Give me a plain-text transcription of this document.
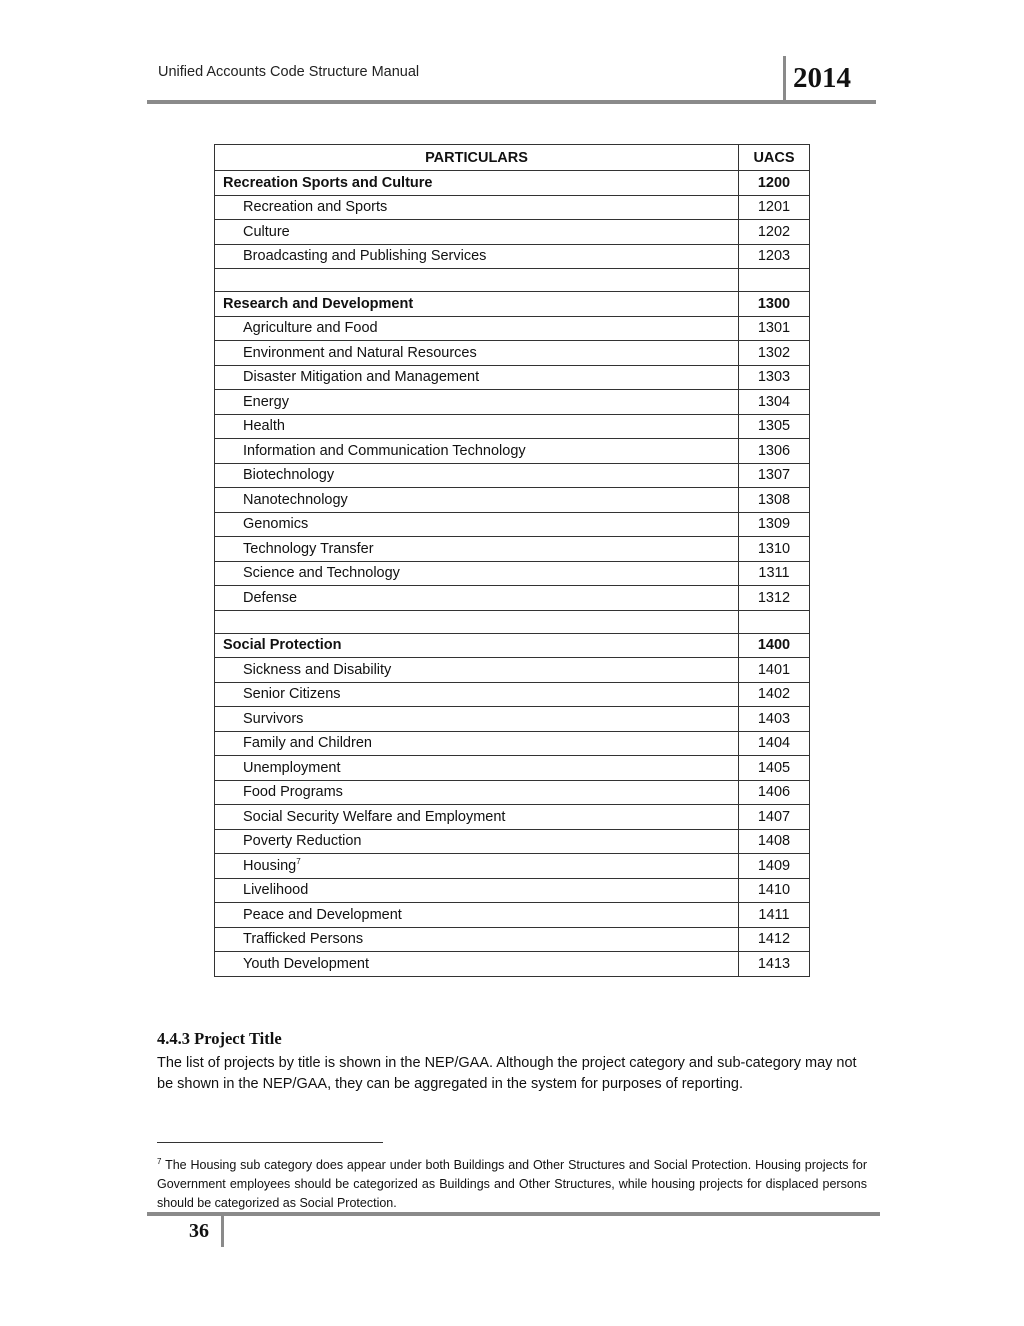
Unified Accounts Code Structure Manual	2014
PARTICULARS	UACS
Recreation Sports and Culture	1200
Recreation and Sports	1201
Culture	1202
Broadcasting and Publishing Services	1203

Research and Development	1300
Agriculture and Food	1301
Environment and Natural Resources	1302
Disaster Mitigation and Management	1303
Energy	1304
Health	1305
Information and Communication Technology	1306
Biotechnology	1307
Nanotechnology	1308
Genomics	1309
Technology Transfer	1310
Science and Technology	1311
Defense	1312

Social Protection	1400
Sickness and Disability	1401
Senior Citizens	1402
Survivors	1403
Family and Children	1404
Unemployment	1405
Food Programs	1406
Social Security Welfare and Employment	1407
Poverty Reduction	1408
Housing$^7$	1409
Livelihood	1410
Peace and Development	1411
Trafficked Persons	1412
Youth Development	1413
4.4.3 Project Title
The list of projects by title is shown in the NEP/GAA. Although the project category and sub-category may not be shown in the NEP/GAA, they can be aggregated in the system for purposes of reporting.
$^7$ The Housing sub category does appear under both Buildings and Other Structures and Social Protection. Housing projects for Government employees should be categorized as Buildings and Other Structures, while housing projects for displaced persons should be categorized as Social Protection.
36
